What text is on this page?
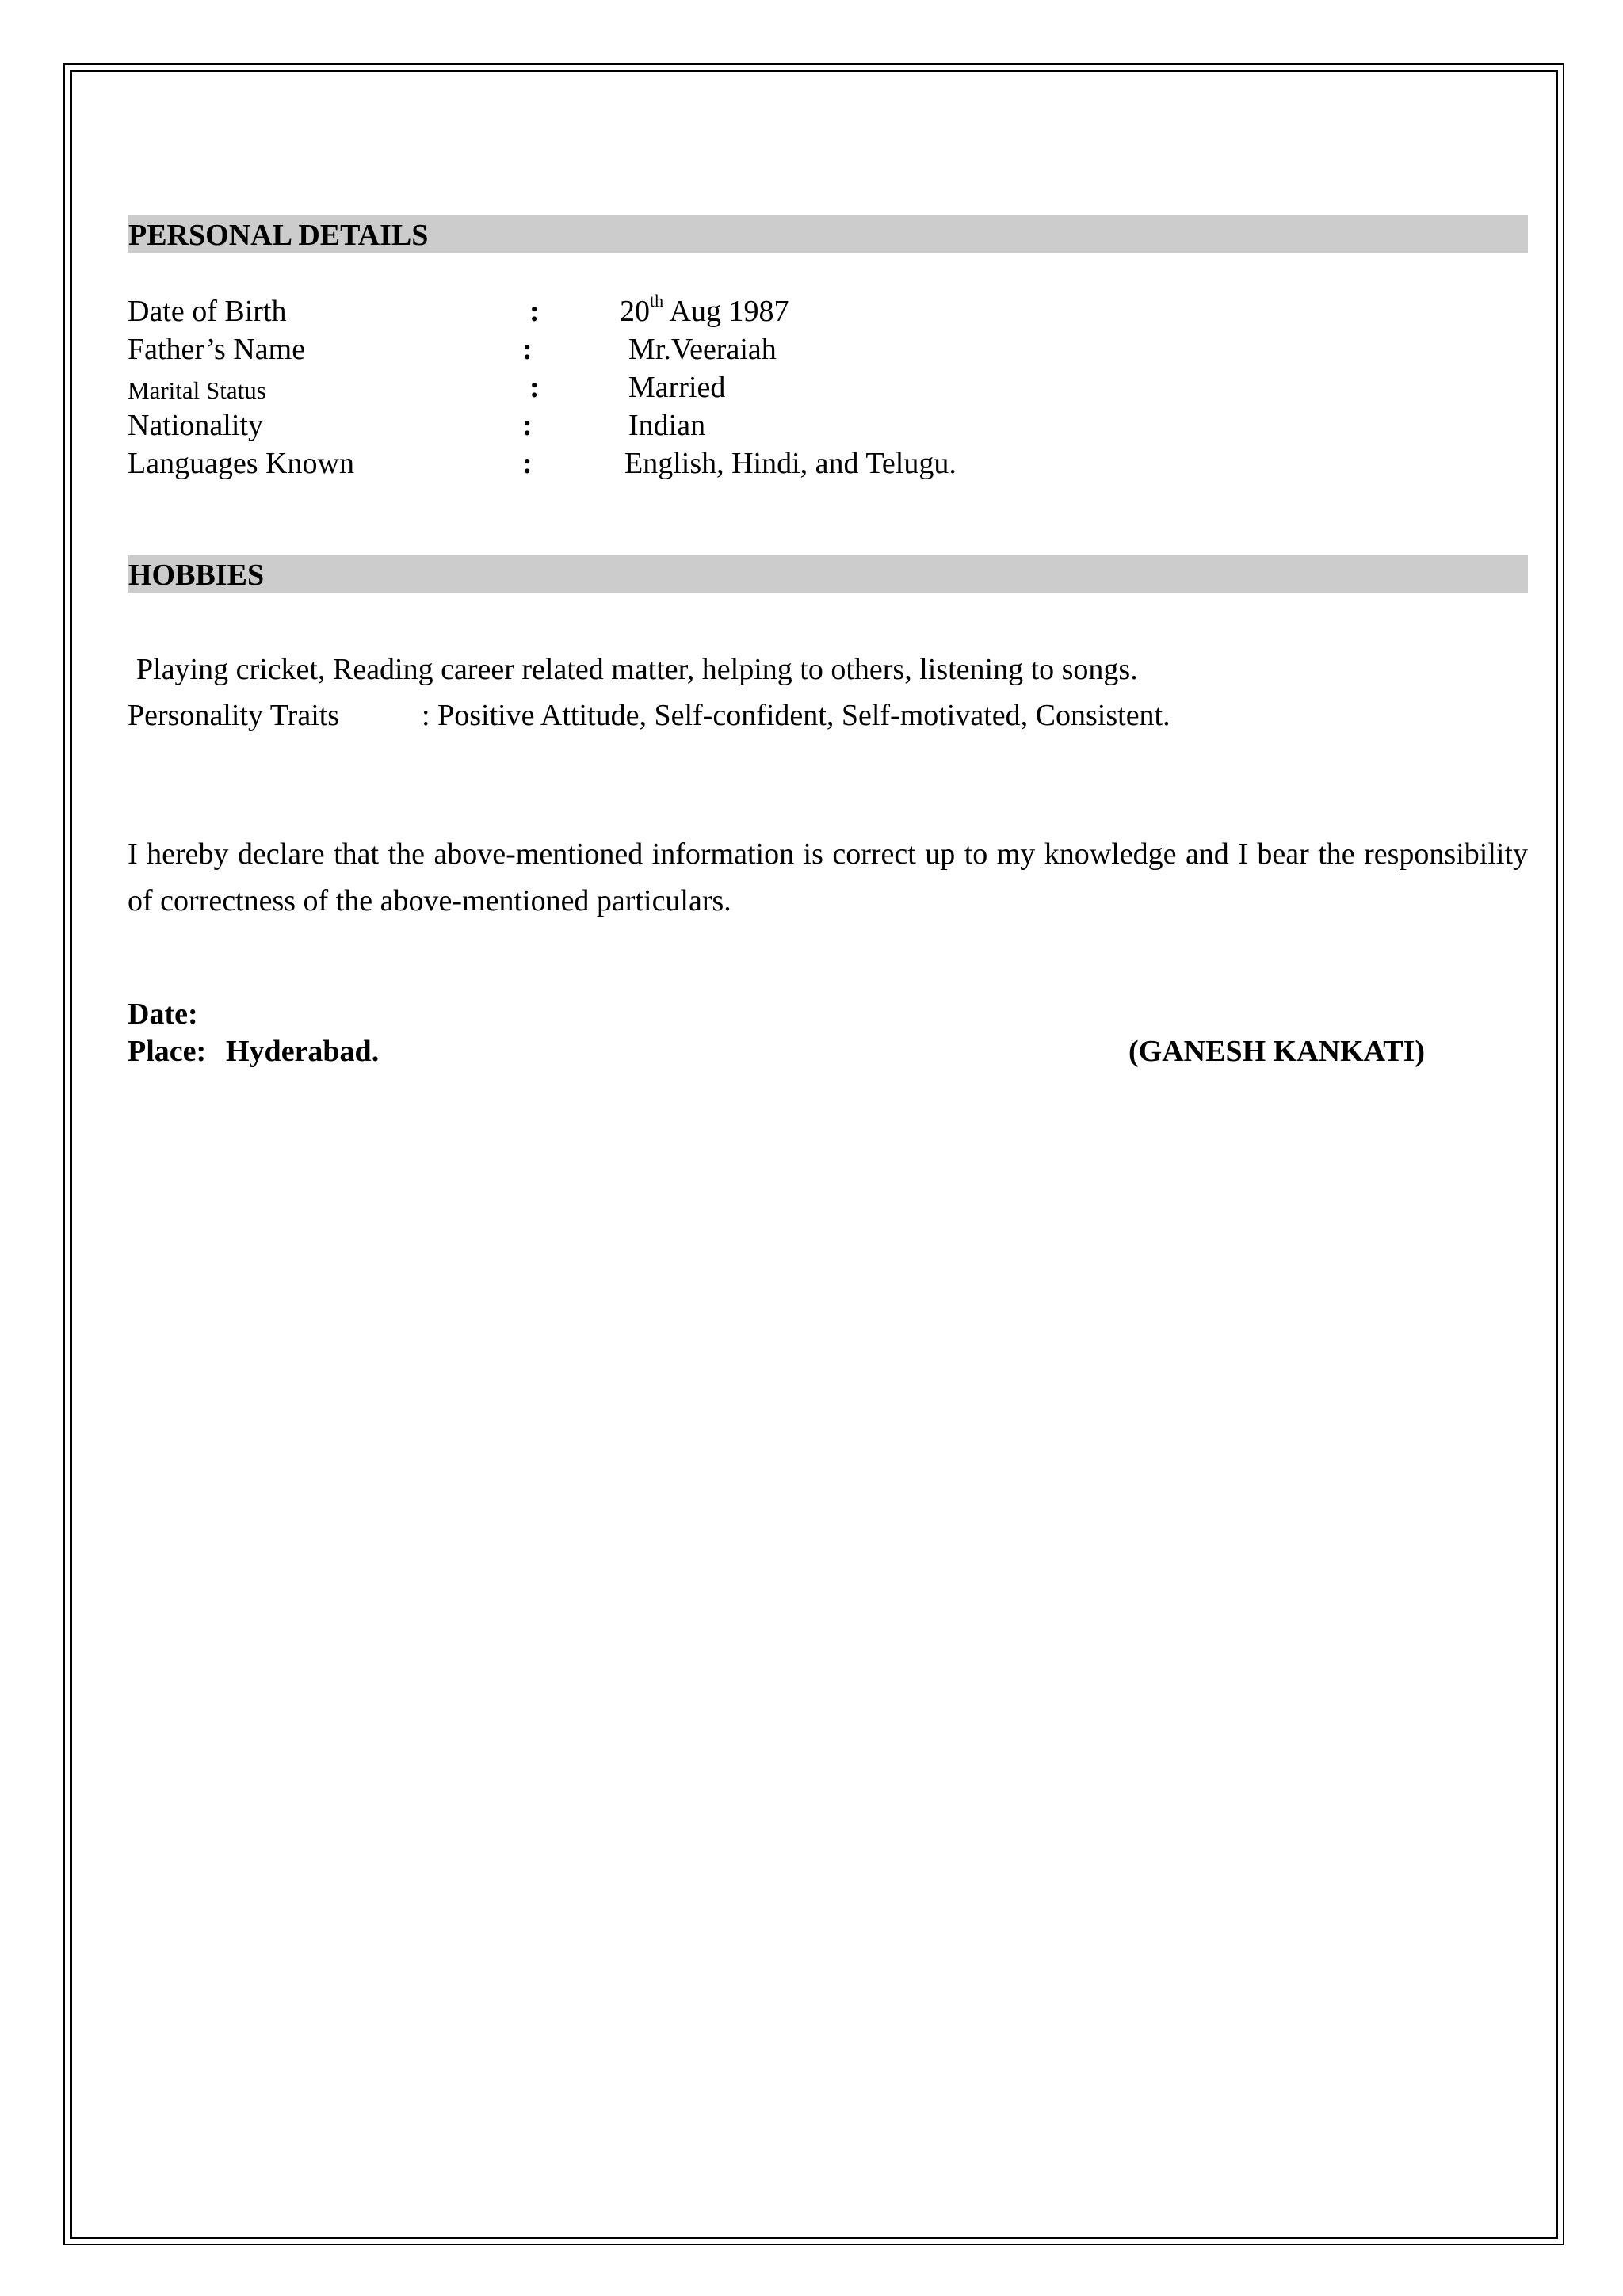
PERSONAL DETAILS
Date of Birth	:	20th Aug 1987
Father’s Name	:	Mr.Veeraiah
Marital Status	:	Married
Nationality	:	Indian
Languages Known	:	English, Hindi, and Telugu.
HOBBIES
Playing cricket, Reading career related matter, helping to others, listening to songs.
Personality Traits	: Positive Attitude, Self-confident, Self-motivated, Consistent.
I hereby declare that the above-mentioned information is correct up to my knowledge and I bear the responsibility of correctness of the above-mentioned particulars.
Date:
Place: Hyderabad.	(GANESH KANKATI)
